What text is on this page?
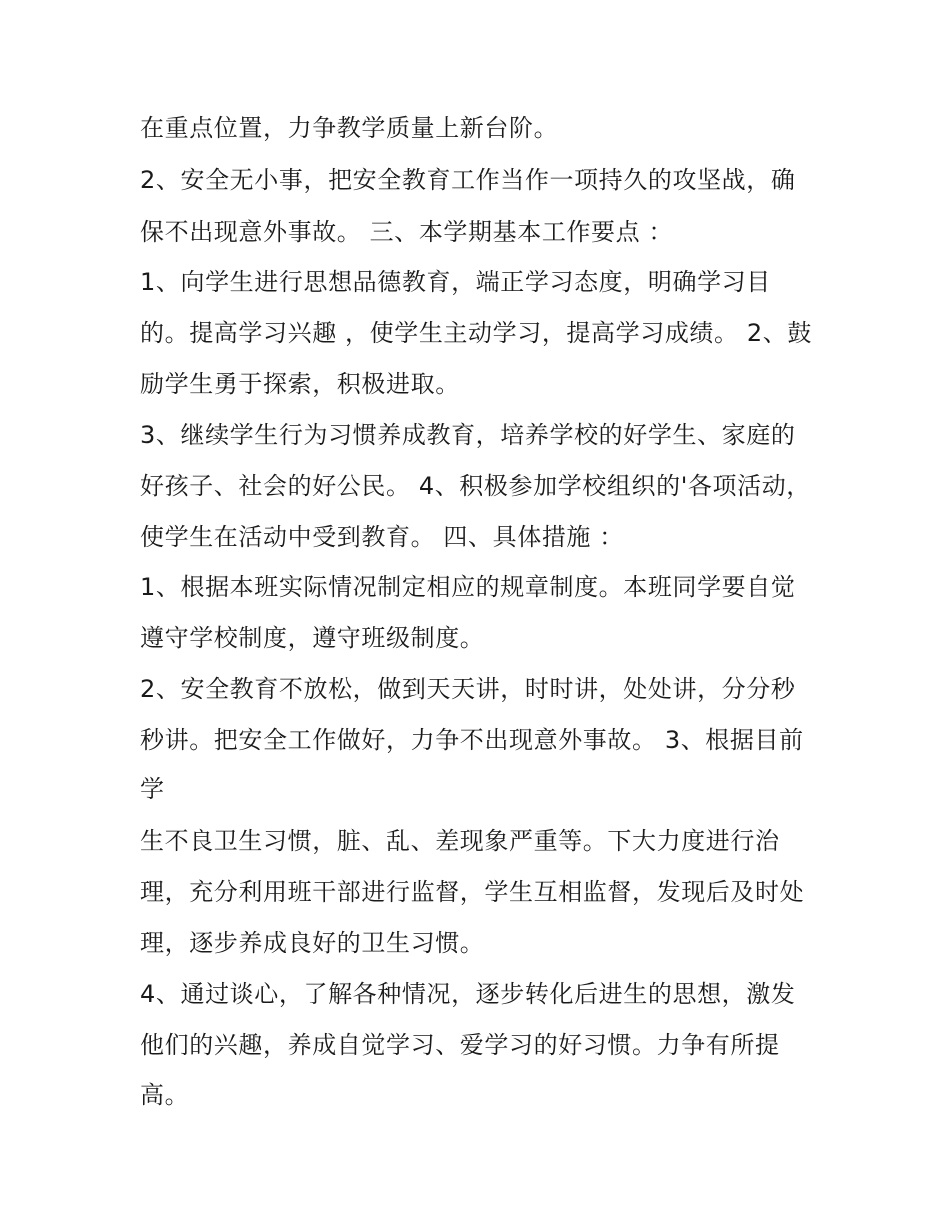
在重点位置，力争教学质量上新台阶。
2、安全无小事，把安全教育工作当作一项持久的攻坚战，确
保不出现意外事故。 三、本学期基本工作要点 ：
1、向学生进行思想品德教育，端正学习态度，明确学习目
的。提高学习兴趣 ，使学生主动学习，提高学习成绩。 2、鼓
励学生勇于探索，积极进取。
3、继续学生行为习惯养成教育，培养学校的好学生、家庭的
好孩子、社会的好公民。 4、积极参加学校组织的'各项活动，
使学生在活动中受到教育。 四、具体措施 ：
1、根据本班实际情况制定相应的规章制度。本班同学要自觉
遵守学校制度，遵守班级制度。
2、安全教育不放松，做到天天讲，时时讲，处处讲，分分秒
秒讲。把安全工作做好，力争不出现意外事故。 3、根据目前
学
生不良卫生习惯，脏、乱、差现象严重等。下大力度进行治
理，充分利用班干部进行监督，学生互相监督，发现后及时处
理，逐步养成良好的卫生习惯。
4、通过谈心，了解各种情况，逐步转化后进生的思想，激发
他们的兴趣，养成自觉学习、爱学习的好习惯。力争有所提
高。
